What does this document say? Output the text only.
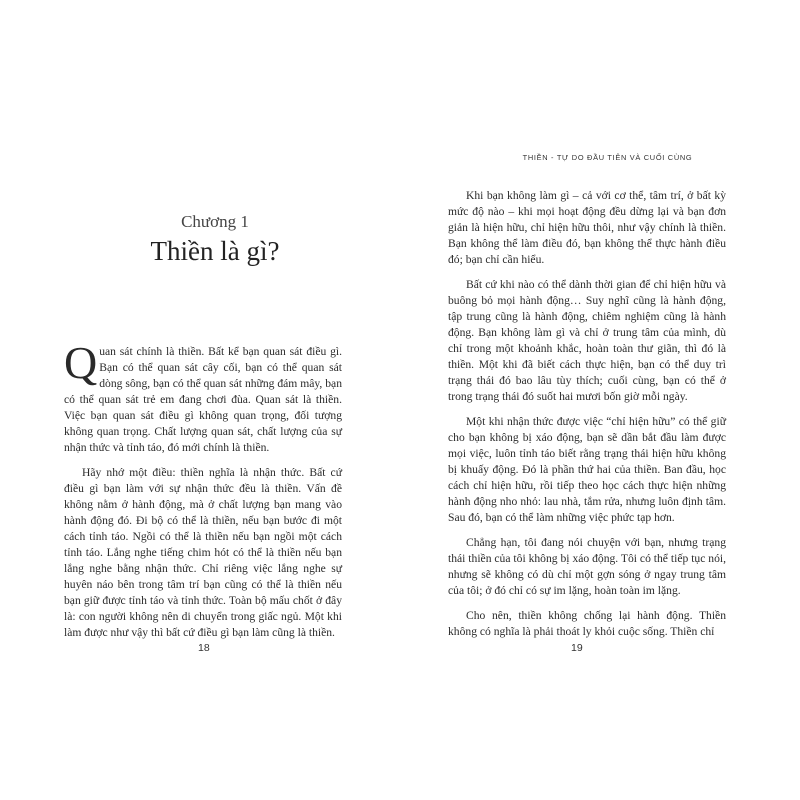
Chương 1
Thiền là gì?

Quan sát chính là thiền. Bất kể bạn quan sát điều gì. Bạn có thể quan sát cây cối, bạn có thể quan sát dòng sông, bạn có thể quan sát những đám mây, bạn có thể quan sát trẻ em đang chơi đùa. Quan sát là thiền. Việc bạn quan sát điều gì không quan trọng, đối tượng không quan trọng. Chất lượng quan sát, chất lượng của sự nhận thức và tỉnh táo, đó mới chính là thiền.

Hãy nhớ một điều: thiền nghĩa là nhận thức. Bất cứ điều gì bạn làm với sự nhận thức đều là thiền. Vấn đề không nằm ở hành động, mà ở chất lượng bạn mang vào hành động đó. Đi bộ có thể là thiền, nếu bạn bước đi một cách tỉnh táo. Ngồi có thể là thiền nếu bạn ngồi một cách tỉnh táo. Lắng nghe tiếng chim hót có thể là thiền nếu bạn lắng nghe bằng nhận thức. Chỉ riêng việc lắng nghe sự huyên náo bên trong tâm trí bạn cũng có thể là thiền nếu bạn giữ được tỉnh táo và tỉnh thức. Toàn bộ mấu chốt ở đây là: con người không nên di chuyển trong giấc ngủ. Một khi làm được như vậy thì bất cứ điều gì bạn làm cũng là thiền.

18
THIỀN - TỰ DO ĐẦU TIÊN VÀ CUỐI CÙNG

Khi bạn không làm gì – cả với cơ thể, tâm trí, ở bất kỳ mức độ nào – khi mọi hoạt động đều dừng lại và bạn đơn giản là hiện hữu, chỉ hiện hữu thôi, như vậy chính là thiền. Bạn không thể làm điều đó, bạn không thể thực hành điều đó; bạn chỉ cần hiểu.

Bất cứ khi nào có thể dành thời gian để chỉ hiện hữu và buông bỏ mọi hành động… Suy nghĩ cũng là hành động, tập trung cũng là hành động, chiêm nghiệm cũng là hành động. Bạn không làm gì và chỉ ở trung tâm của mình, dù chỉ trong một khoảnh khắc, hoàn toàn thư giãn, thì đó là thiền. Một khi đã biết cách thực hiện, bạn có thể duy trì trạng thái đó bao lâu tùy thích; cuối cùng, bạn có thể ở trong trạng thái đó suốt hai mươi bốn giờ mỗi ngày.

Một khi nhận thức được việc “chỉ hiện hữu” có thể giữ cho bạn không bị xáo động, bạn sẽ dần bắt đầu làm được mọi việc, luôn tỉnh táo biết rằng trạng thái hiện hữu không bị khuấy động. Đó là phần thứ hai của thiền. Ban đầu, học cách chỉ hiện hữu, rồi tiếp theo học cách thực hiện những hành động nho nhỏ: lau nhà, tắm rửa, nhưng luôn định tâm. Sau đó, bạn có thể làm những việc phức tạp hơn.

Chẳng hạn, tôi đang nói chuyện với bạn, nhưng trạng thái thiền của tôi không bị xáo động. Tôi có thể tiếp tục nói, nhưng sẽ không có dù chỉ một gợn sóng ở ngay trung tâm của tôi; ở đó chỉ có sự im lặng, hoàn toàn im lặng.

Cho nên, thiền không chống lại hành động. Thiền không có nghĩa là phải thoát ly khỏi cuộc sống. Thiền chỉ

19
